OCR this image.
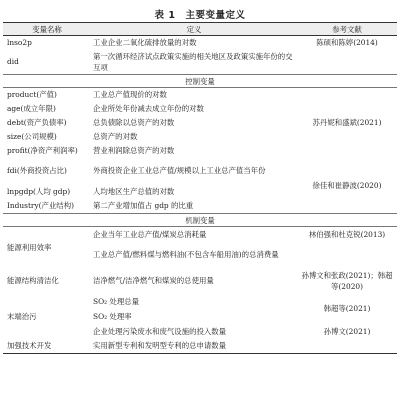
表 1　主要变量定义
变量名称	定义	参考文献
lnso2p	工业企业二氧化硫排放量的对数	陈硕和陈婷(2014)
did	第一次循环经济试点政策实施的相关地区及政策实施年份的交互项	
控制变量		
product(产值)	工业总产值现价的对数	苏丹妮和盛斌(2021)
age(成立年限)	企业所处年份减去成立年份的对数	
debt(资产负债率)	总负债除以总资产的对数	
size(公司规模)	总资产的对数	
profit(净资产利润率)	营业利润除总资产的对数	
fdi(外商投资占比)	外商投资企业工业总产值/规模以上工业总产值当年份	徐佳和崔静波(2020)
lnpgdp(人均 gdp)	人均地区生产总值的对数	
Industry(产业结构)	第二产业增加值占 gdp 的比重	
机制变量		
能源利用效率	企业当年工业总产值/煤炭总消耗量	林伯强和杜克锐(2013)
	工业总产值/燃料煤与燃料油(不包含车船用油)的总消费量	
能源结构清洁化	洁净燃气/洁净燃气和煤炭的总使用量	孙博文和张政(2021)；韩超等(2020)
末端治污	SO₂ 处理总量	韩超等(2021)
	SO₂ 处理率	
	企业处理污染废水和废气设施的投入数量	孙博文(2021)
加强技术开发	实用新型专利和发明型专利的总申请数量	
